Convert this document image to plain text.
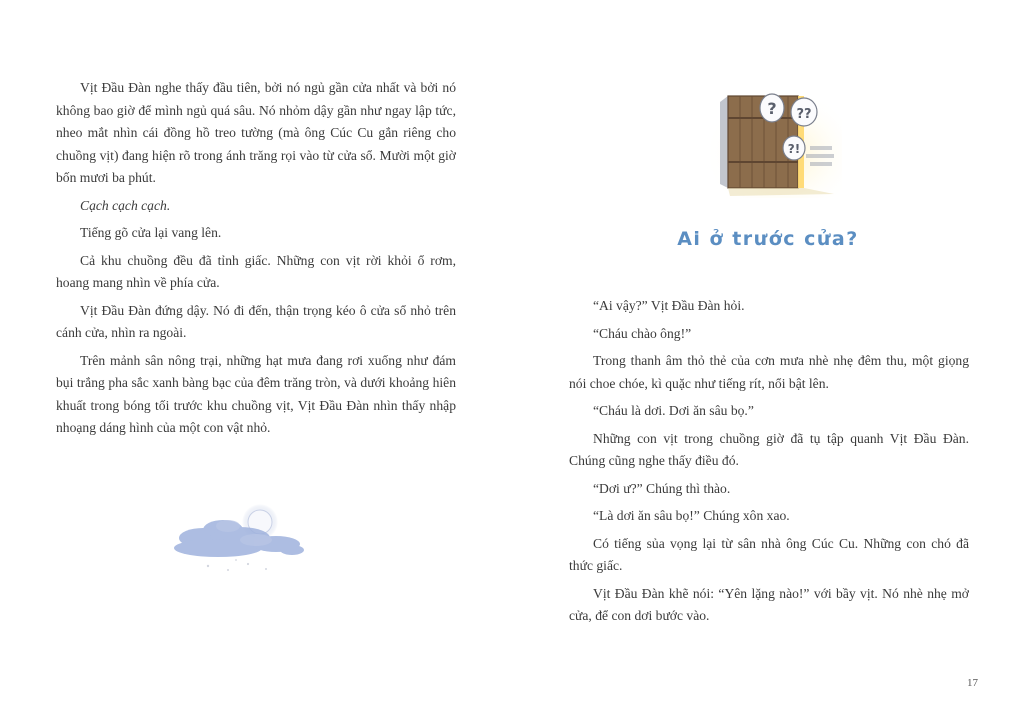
Vịt Đầu Đàn nghe thấy đầu tiên, bởi nó ngủ gần cửa nhất và bởi nó không bao giờ để mình ngủ quá sâu. Nó nhỏm dậy gần như ngay lập tức, nheo mắt nhìn cái đồng hồ treo tường (mà ông Cúc Cu gắn riêng cho chuồng vịt) đang hiện rõ trong ánh trăng rọi vào từ cửa sổ. Mười một giờ bốn mươi ba phút.

Cạch cạch cạch.

Tiếng gõ cửa lại vang lên.

Cả khu chuồng đều đã tỉnh giấc. Những con vịt rời khỏi ổ rơm, hoang mang nhìn về phía cửa.

Vịt Đầu Đàn đứng dậy. Nó đi đến, thận trọng kéo ô cửa sổ nhỏ trên cánh cửa, nhìn ra ngoài.

Trên mảnh sân nông trại, những hạt mưa đang rơi xuống như đám bụi trắng pha sắc xanh bàng bạc của đêm trăng tròn, và dưới khoảng hiên khuất trong bóng tối trước khu chuồng vịt, Vịt Đầu Đàn nhìn thấy nhập nhoạng dáng hình của một con vật nhỏ.

? ??
?!
Ai ở trước cửa?

“Ai vậy?” Vịt Đầu Đàn hỏi.

“Cháu chào ông!”

Trong thanh âm thỏ thẻ của cơn mưa nhè nhẹ đêm thu, một giọng nói choe chóe, kì quặc như tiếng rít, nổi bật lên.

“Cháu là dơi. Dơi ăn sâu bọ.”

Những con vịt trong chuồng giờ đã tụ tập quanh Vịt Đầu Đàn. Chúng cũng nghe thấy điều đó.

“Dơi ư?” Chúng thì thào.

“Là dơi ăn sâu bọ!” Chúng xôn xao.

Có tiếng sủa vọng lại từ sân nhà ông Cúc Cu. Những con chó đã thức giấc.

Vịt Đầu Đàn khẽ nói: “Yên lặng nào!” với bầy vịt. Nó nhè nhẹ mở cửa, để con dơi bước vào.

17
